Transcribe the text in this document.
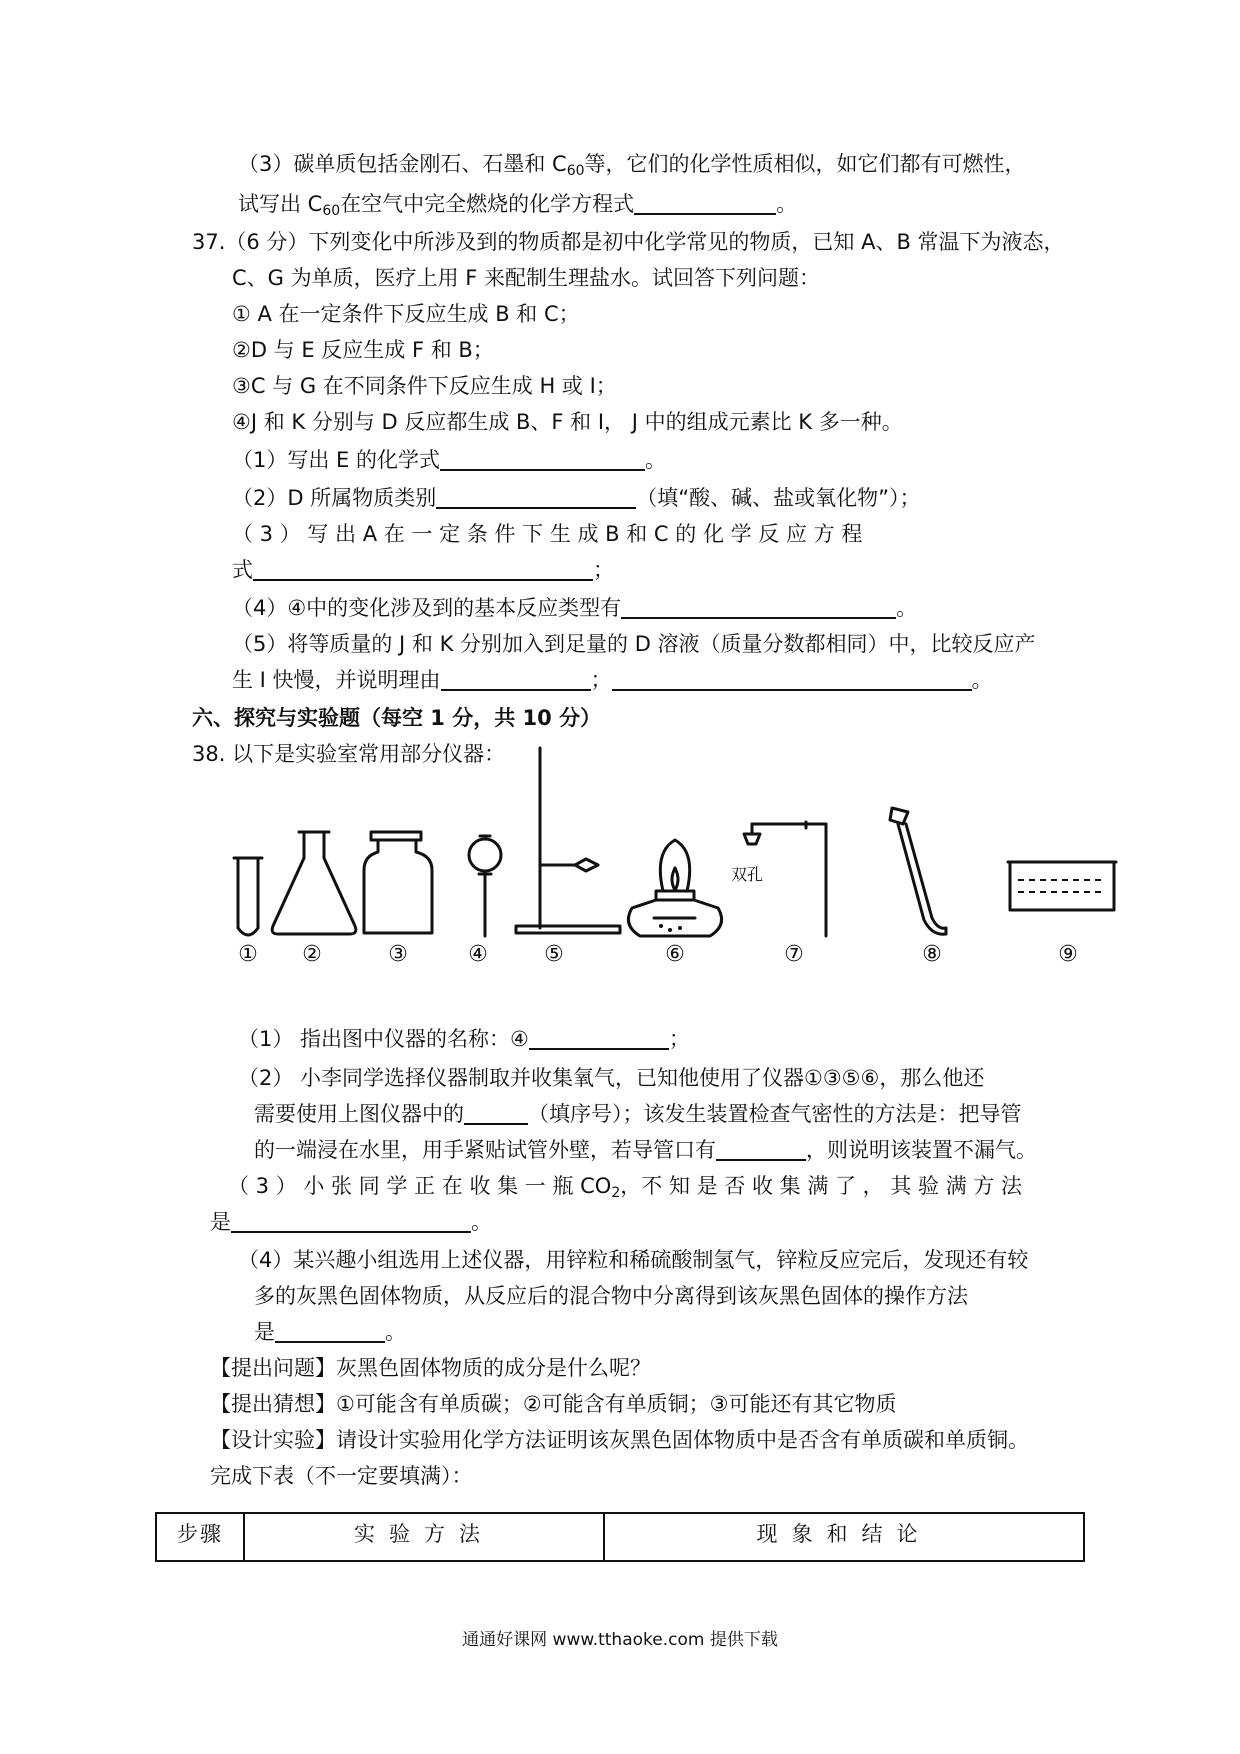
（3）碳单质包括金刚石、石墨和 $C_{60}$等，它们的化学性质相似，如它们都有可燃性，
试写出 $C_{60}$在空气中完全燃烧的化学方程式	。
37.（6 分）下列变化中所涉及到的物质都是初中化学常见的物质，已知 A、B 常温下为液态，
C、G 为单质，医疗上用 F 来配制生理盐水。试回答下列问题：
① A 在一定条件下反应生成 B 和 C；
②D 与 E 反应生成 F 和 B；
③C 与 G 在不同条件下反应生成 H 或 I；
④J 和 K 分别与 D 反应都生成 B、F 和 I， J 中的组成元素比 K 多一种。
（1）写出 E 的化学式	。
（2）D 所属物质类别	（填“酸、碱、盐或氧化物”）；
（ 3 ） 写 出 A 在 一 定 条 件 下 生 成 B 和 C 的 化 学 反 应 方 程
式	；
（4）④中的变化涉及到的基本反应类型有	。
（5）将等质量的 J 和 K 分别加入到足量的 D 溶液（质量分数都相同）中，比较反应产
生 I 快慢，并说明理由	；	。
六、探究与实验题（每空 1 分，共 10 分）
38. 以下是实验室常用部分仪器：
双孔
①	②	③	④	⑤	⑥	⑦	⑧	⑨
（1） 指出图中仪器的名称：④	；
（2） 小李同学选择仪器制取并收集氧气，已知他使用了仪器①③⑤⑥，那么他还
需要使用上图仪器中的	（填序号）；该发生装置检查气密性的方法是：把导管
的一端浸在水里，用手紧贴试管外壁，若导管口有	，则说明该装置不漏气。
（ 3 ） 小 张 同 学 正 在 收 集 一 瓶 $CO_2$，不 知 是 否 收 集 满 了 ， 其 验 满 方 法
是	。
（4）某兴趣小组选用上述仪器，用锌粒和稀硫酸制氢气，锌粒反应完后，发现还有较
多的灰黑色固体物质，从反应后的混合物中分离得到该灰黑色固体的操作方法
是	。
【提出问题】灰黑色固体物质的成分是什么呢？
【提出猜想】①可能含有单质碳；②可能含有单质铜；③可能还有其它物质
【设计实验】请设计实验用化学方法证明该灰黑色固体物质中是否含有单质碳和单质铜。
完成下表（不一定要填满）：
步骤	实验方法	现象和结论
通通好课网 www.tthaoke.com 提供下载
